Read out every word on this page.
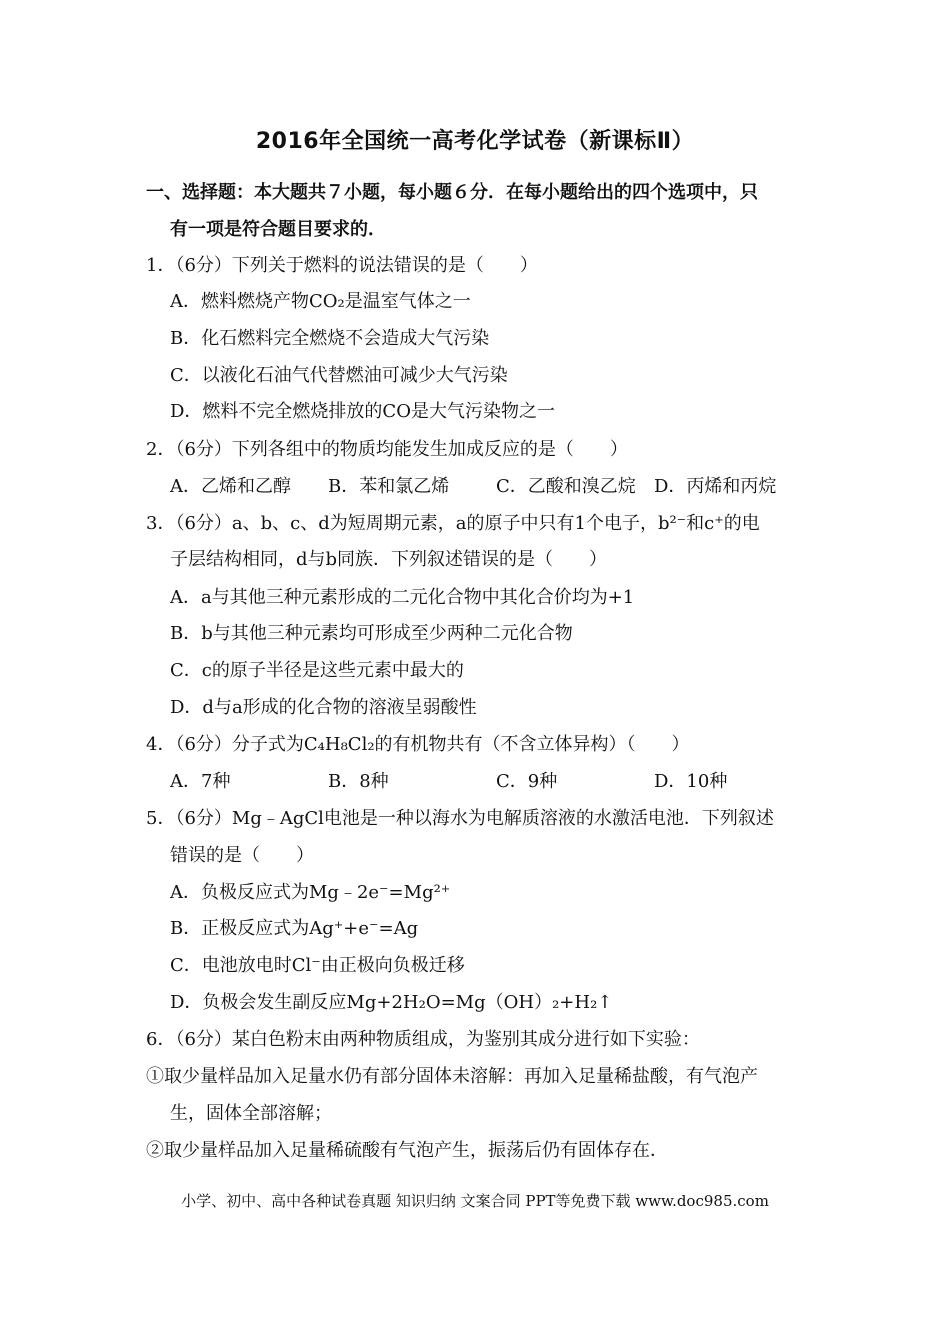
2016年全国统一高考化学试卷（新课标Ⅱ）
一、选择题：本大题共７小题，每小题６分．在每小题给出的四个选项中，只
有一项是符合题目要求的．
1．（6分）下列关于燃料的说法错误的是（　　）
A．燃料燃烧产物CO₂是温室气体之一
B．化石燃料完全燃烧不会造成大气污染
C．以液化石油气代替燃油可减少大气污染
D．燃料不完全燃烧排放的CO是大气污染物之一
2．（6分）下列各组中的物质均能发生加成反应的是（　　）
A．乙烯和乙醇 B．苯和氯乙烯	C．乙酸和溴乙烷 D．丙烯和丙烷
3．（6分）a、b、c、d为短周期元素，a的原子中只有1个电子，b²⁻和c⁺的电
子层结构相同，d与b同族．下列叙述错误的是（　　）
A．a与其他三种元素形成的二元化合物中其化合价均为+1
B．b与其他三种元素均可形成至少两种二元化合物
C．c的原子半径是这些元素中最大的
D．d与a形成的化合物的溶液呈弱酸性
4．（6分）分子式为C₄H₈Cl₂的有机物共有（不含立体异构）（　　）
A．7种	B．8种	C．9种	D．10种
5．（6分）Mg﹣AgCl电池是一种以海水为电解质溶液的水激活电池．下列叙述
错误的是（　　）
A．负极反应式为Mg﹣2e⁻=Mg²⁺
B．正极反应式为Ag⁺+e⁻=Ag
C．电池放电时Cl⁻由正极向负极迁移
D．负极会发生副反应Mg+2H₂O=Mg（OH）₂+H₂↑
6．（6分）某白色粉末由两种物质组成，为鉴别其成分进行如下实验：
①取少量样品加入足量水仍有部分固体未溶解：再加入足量稀盐酸，有气泡产
生，固体全部溶解；
②取少量样品加入足量稀硫酸有气泡产生，振荡后仍有固体存在．
小学、初中、高中各种试卷真题 知识归纳 文案合同 PPT等免费下载 www.doc985.com
